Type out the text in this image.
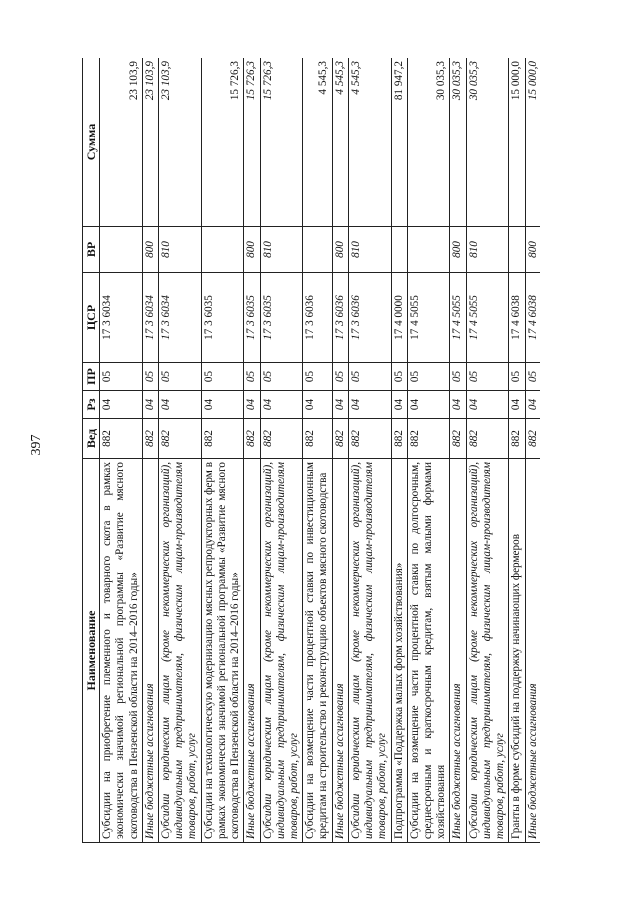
397
Наименование	Вед	Рз	ПР	ЦСР	ВР	Сумма
Субсидии на приобретение племенного и товарного скота в рамках экономически значимой региональной программы «Развитие мясного скотоводства в Пензенской области на 2014–2016 годы»	882	04	05	17 3 6034		23 103,9
Иные бюджетные ассигнования	882	04	05	17 3 6034	800	23 103,9
Субсидии юридическим лицам (кроме некоммерческих организаций), индивидуальным предпринимателям, физическим лицам-производителям товаров, работ, услуг	882	04	05	17 3 6034	810	23 103,9
Субсидии на технологическую модернизацию мясных репродукторных ферм в рамках экономически значимой региональной программы «Развитие мясного скотоводства в Пензенской области на 2014–2016 годы»	882	04	05	17 3 6035		15 726,3
Иные бюджетные ассигнования	882	04	05	17 3 6035	800	15 726,3
Субсидии юридическим лицам (кроме некоммерческих организаций), индивидуальным предпринимателям, физическим лицам-производителям товаров, работ, услуг	882	04	05	17 3 6035	810	15 726,3
Субсидии на возмещение части процентной ставки по инвестиционным кредитам на строительство и реконструкцию объектов мясного скотоводства	882	04	05	17 3 6036		4 545,3
Иные бюджетные ассигнования	882	04	05	17 3 6036	800	4 545,3
Субсидии юридическим лицам (кроме некоммерческих организаций), индивидуальным предпринимателям, физическим лицам-производителям товаров, работ, услуг	882	04	05	17 3 6036	810	4 545,3
Подпрограмма «Поддержка малых форм хозяйствования»	882	04	05	17 4 0000		81 947,2
Субсидии на возмещение части процентной ставки по долгосрочным, среднесрочным и краткосрочным кредитам, взятым малыми формами хозяйствования	882	04	05	17 4 5055		30 035,3
Иные бюджетные ассигнования	882	04	05	17 4 5055	800	30 035,3
Субсидии юридическим лицам (кроме некоммерческих организаций), индивидуальным предпринимателям, физическим лицам-производителям товаров, работ, услуг	882	04	05	17 4 5055	810	30 035,3
Гранты в форме субсидий на поддержку начинающих фермеров	882	04	05	17 4 6038		15 000,0
Иные бюджетные ассигнования	882	04	05	17 4 6038	800	15 000,0
